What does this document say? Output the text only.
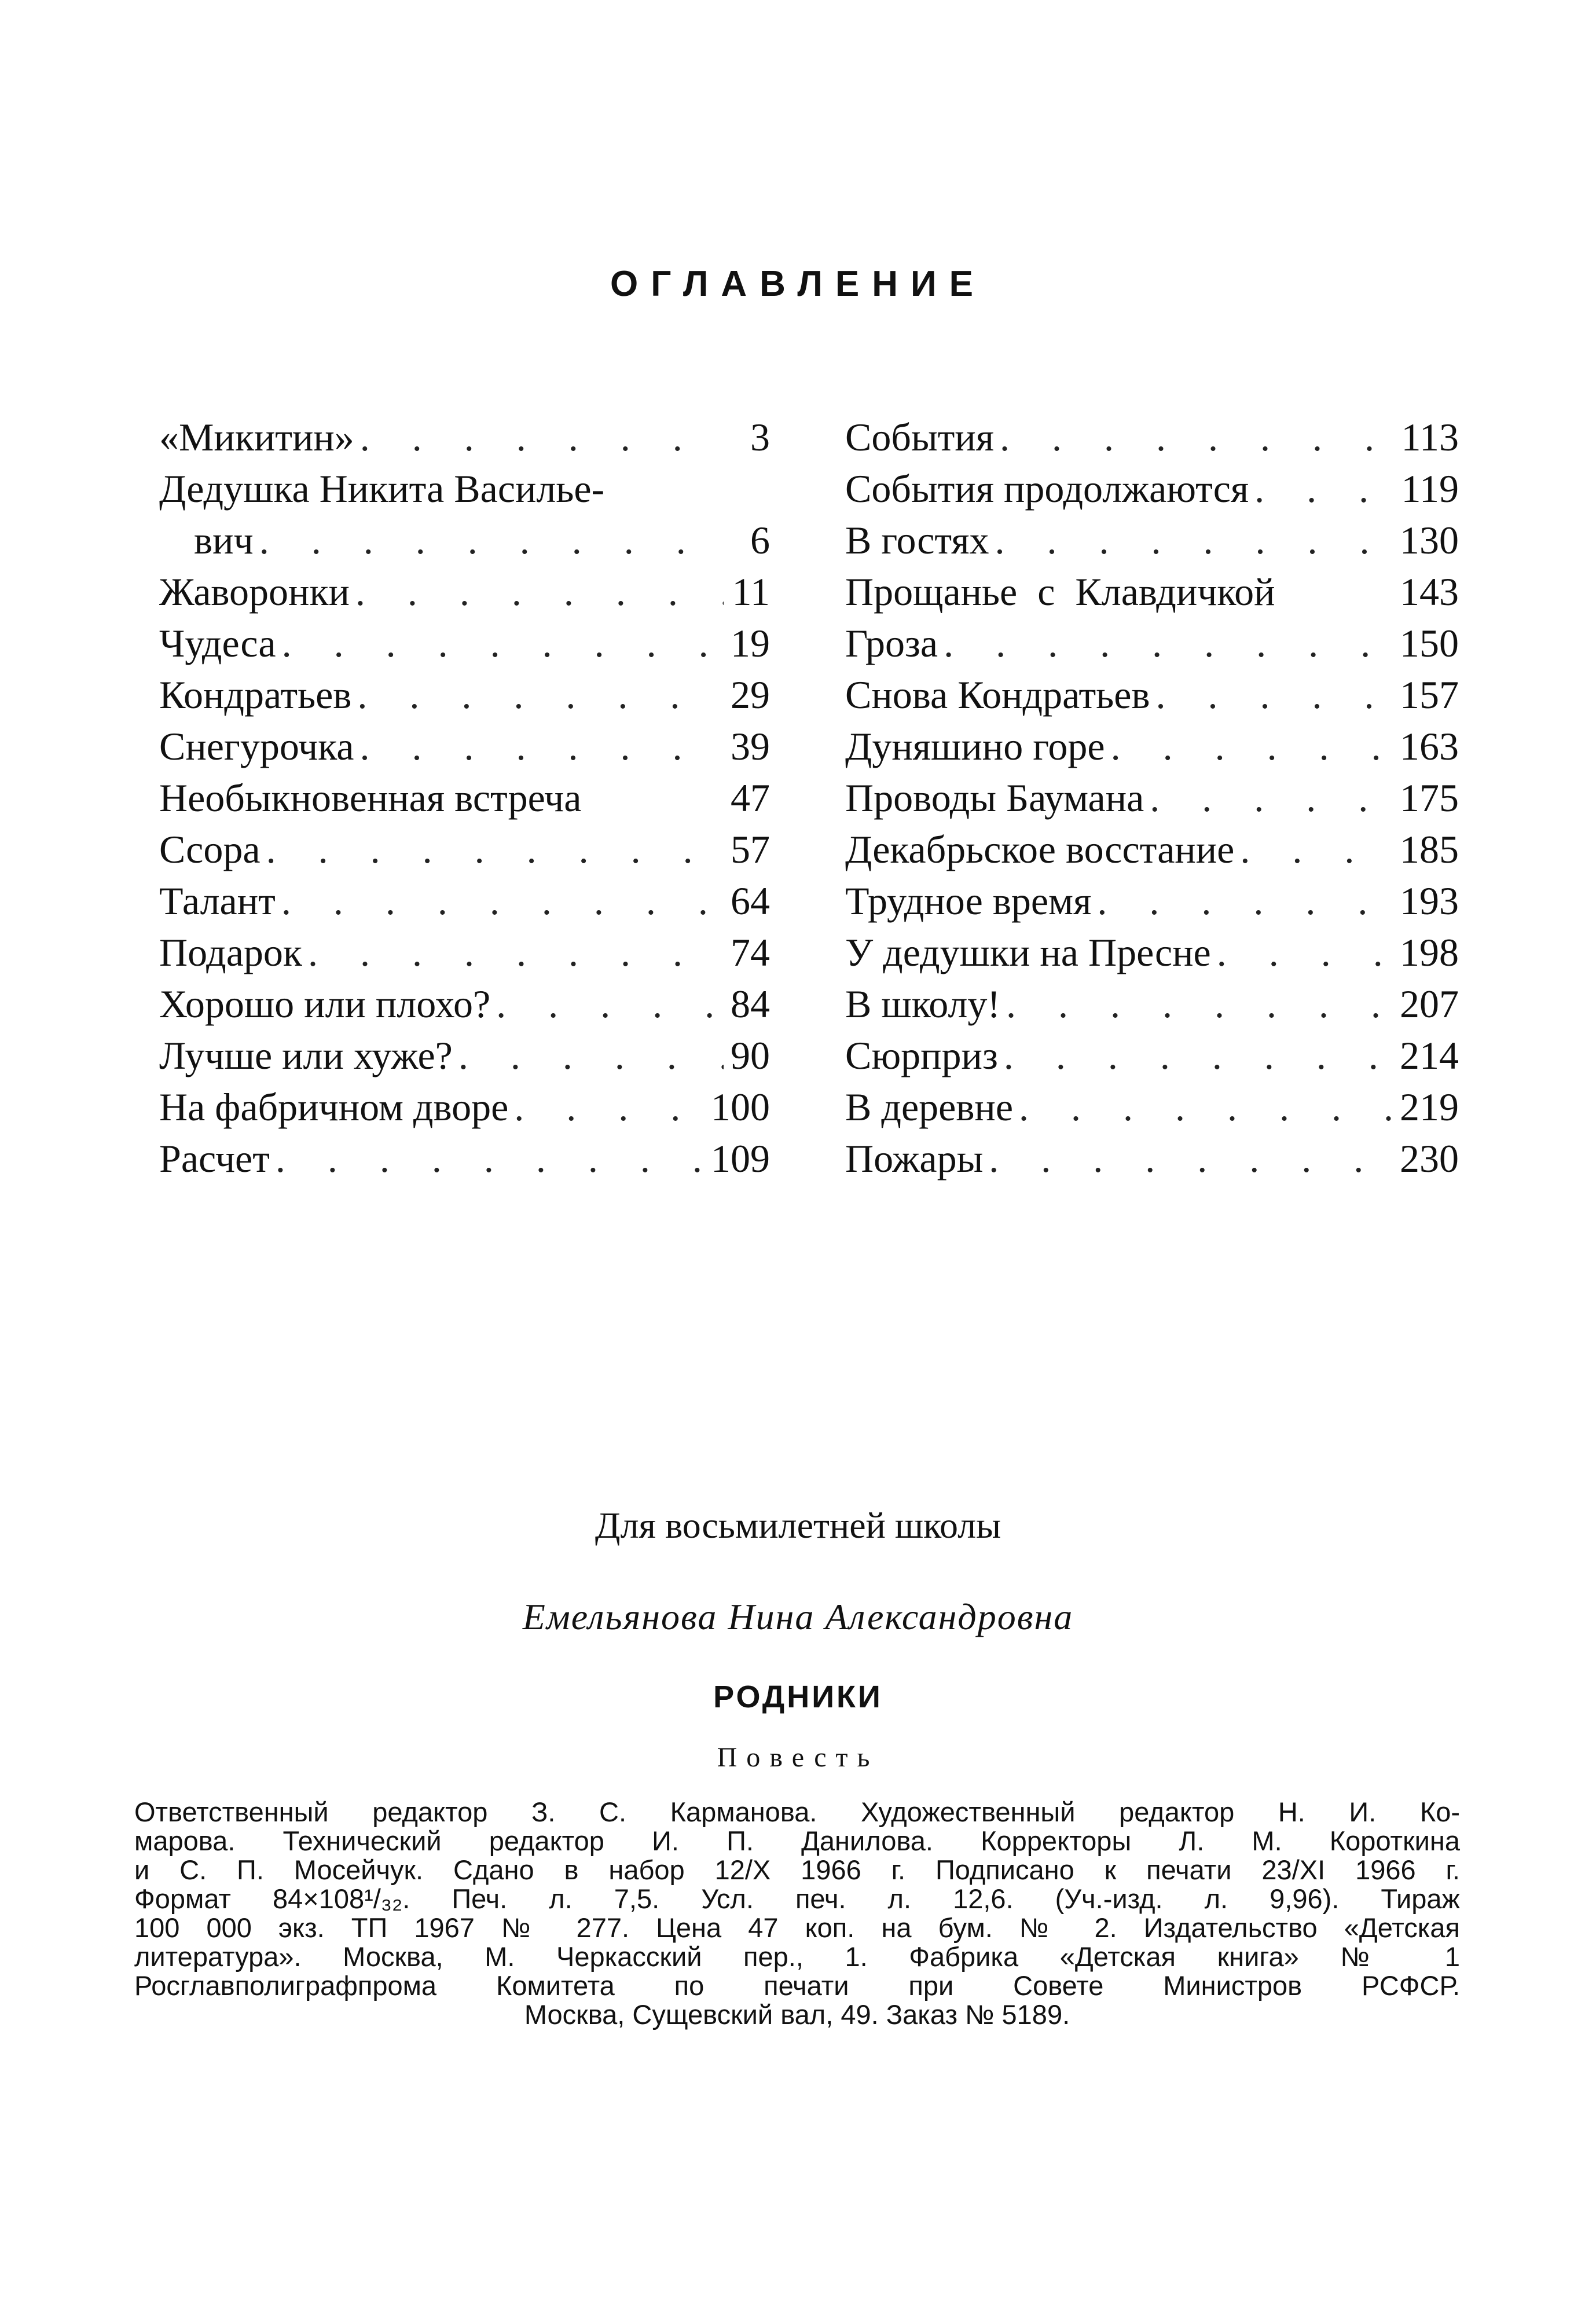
ОГЛАВЛЕНИЕ
«Микитин» . . .	3
Дедушка Никита Василье-
вич . . .	6
Жаворонки . . .	11
Чудеса . . .	19
Кондратьев . . .	29
Снегурочка . . .	39
Необыкновенная встреча	47
Ссора . . .	57
Талант . . .	64
Подарок . . .	74
Хорошо или плохо? . . .	84
Лучше или хуже? . . .	90
На фабричном дворе . . .	100
Расчет . . .	109
События . . .	113
События продолжаются . . .	119
В гостях . . .	130
Прощанье с Клавдичкой	143
Гроза . . .	150
Снова Кондратьев . . .	157
Дуняшино горе . . .	163
Проводы Баумана . . .	175
Декабрьское восстание . . .	185
Трудное время . . .	193
У дедушки на Пресне . . .	198
В школу! . . .	207
Сюрприз . . .	214
В деревне . . .	219
Пожары . . .	230
Для восьмилетней школы
Емельянова Нина Александровна
РОДНИКИ
Повесть
Ответственный редактор З. С. Карманова. Художественный редактор Н. И. Ко-
марова. Технический редактор И. П. Данилова. Корректоры Л. М. Короткина
и С. П. Мосейчук. Сдано в набор 12/X 1966 г. Подписано к печати 23/XI 1966 г.
Формат 84×108¹/₃₂. Печ. л. 7,5. Усл. печ. л. 12,6. (Уч.-изд. л. 9,96). Тираж
100 000 экз. ТП 1967 № 277. Цена 47 коп. на бум. № 2. Издательство «Детская
литература». Москва, М. Черкасский пер., 1. Фабрика «Детская книга» № 1
Росглавполиграфпрома Комитета по печати при Совете Министров РСФСР.
Москва, Сущевский вал, 49. Заказ № 5189.
